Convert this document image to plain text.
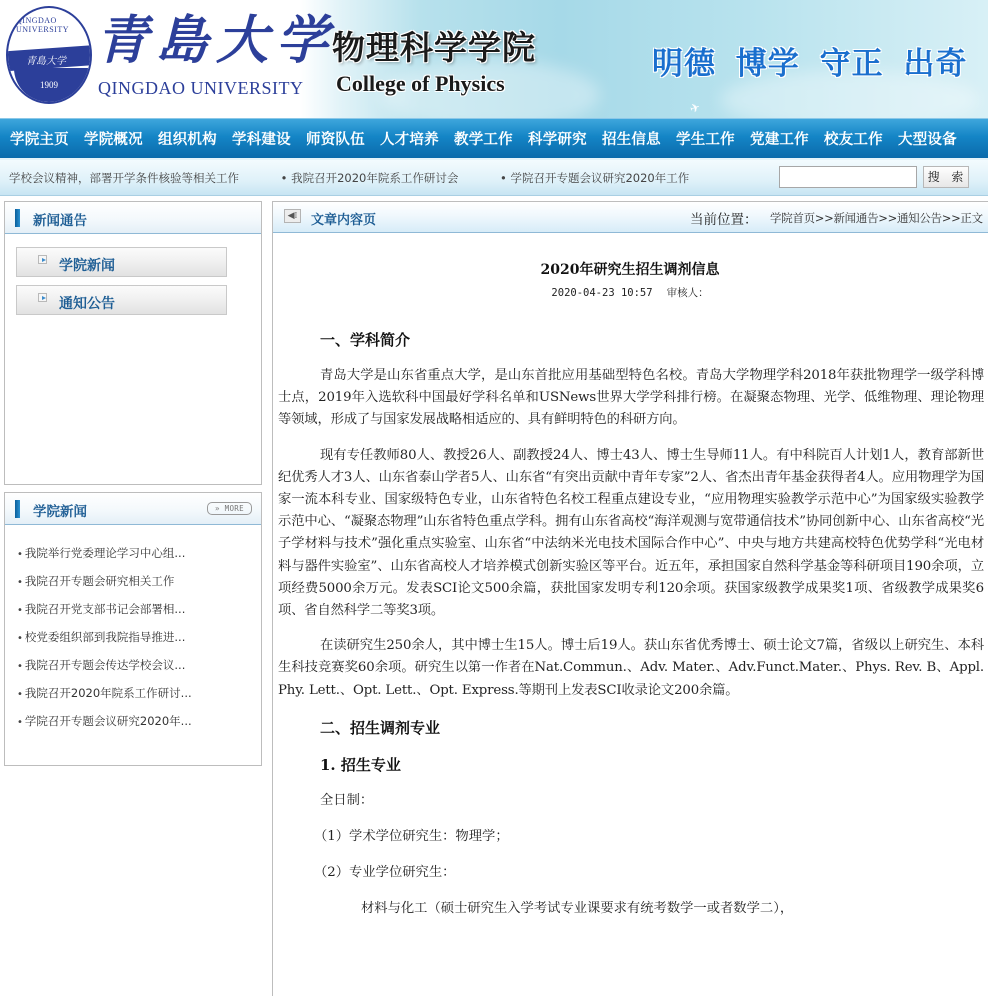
QINGDAO UNIVERSITY
青島大学
1909
青島大学
QINGDAO UNIVERSITY
物理科学学院
College of Physics
明德 博学 守正 出奇
✈
学院主页 学院概况 组织机构 学科建设 师资队伍 人才培养 教学工作 科学研究 招生信息 学生工作 党建工作 校友工作 大型设备
学校会议精神，部署开学条件核验等相关工作	• 我院召开2020年院系工作研讨会	• 学院召开专题会议研究2020年工作	搜 索
新闻通告
学院新闻
通知公告
学院新闻	» MORE
• 我院举行党委理论学习中心组...
• 我院召开专题会研究相关工作
• 我院召开党支部书记会部署相...
• 校党委组织部到我院指导推进...
• 我院召开专题会传达学校会议...
• 我院召开2020年院系工作研讨...
• 学院召开专题会议研究2020年...
◀⁞ 文章内容页	当前位置： 学院首页>>新闻通告>>通知公告>>正文
2020年研究生招生调剂信息
2020-04-23 10:57 审核人：
一、学科简介

青岛大学是山东省重点大学，是山东首批应用基础型特色名校。青岛大学物理学科2018年获批物理学一级学科博士点，2019年入选软科中国最好学科名单和USNews世界大学学科排行榜。在凝聚态物理、光学、低维物理、理论物理等领域，形成了与国家发展战略相适应的、具有鲜明特色的科研方向。

现有专任教师80人、教授26人、副教授24人、博士43人、博士生导师11人。有中科院百人计划1人，教育部新世纪优秀人才3人、山东省泰山学者5人、山东省“有突出贡献中青年专家”2人、省杰出青年基金获得者4人。应用物理学为国家一流本科专业、国家级特色专业，山东省特色名校工程重点建设专业，“应用物理实验教学示范中心”为国家级实验教学示范中心、“凝聚态物理”山东省特色重点学科。拥有山东省高校“海洋观测与宽带通信技术”协同创新中心、山东省高校“光子学材料与技术”强化重点实验室、山东省“中法纳米光电技术国际合作中心”、中央与地方共建高校特色优势学科“光电材料与器件实验室”、山东省高校人才培养模式创新实验区等平台。近五年，承担国家自然科学基金等科研项目190余项，立项经费5000余万元。发表SCI论文500余篇，获批国家发明专利120余项。获国家级教学成果奖1项、省级教学成果奖6项、省自然科学二等奖3项。

在读研究生250余人，其中博士生15人。博士后19人。获山东省优秀博士、硕士论文7篇，省级以上研究生、本科生科技竞赛奖60余项。研究生以第一作者在Nat.Commun.、Adv. Mater.、Adv.Funct.Mater.、Phys. Rev. B、Appl. Phy. Lett.、Opt. Lett.、Opt. Express.等期刊上发表SCI收录论文200余篇。

二、招生调剂专业
1. 招生专业
全日制：
（1）学术学位研究生：物理学；
（2）专业学位研究生：
材料与化工（硕士研究生入学考试专业课要求有统考数学一或者数学二），
